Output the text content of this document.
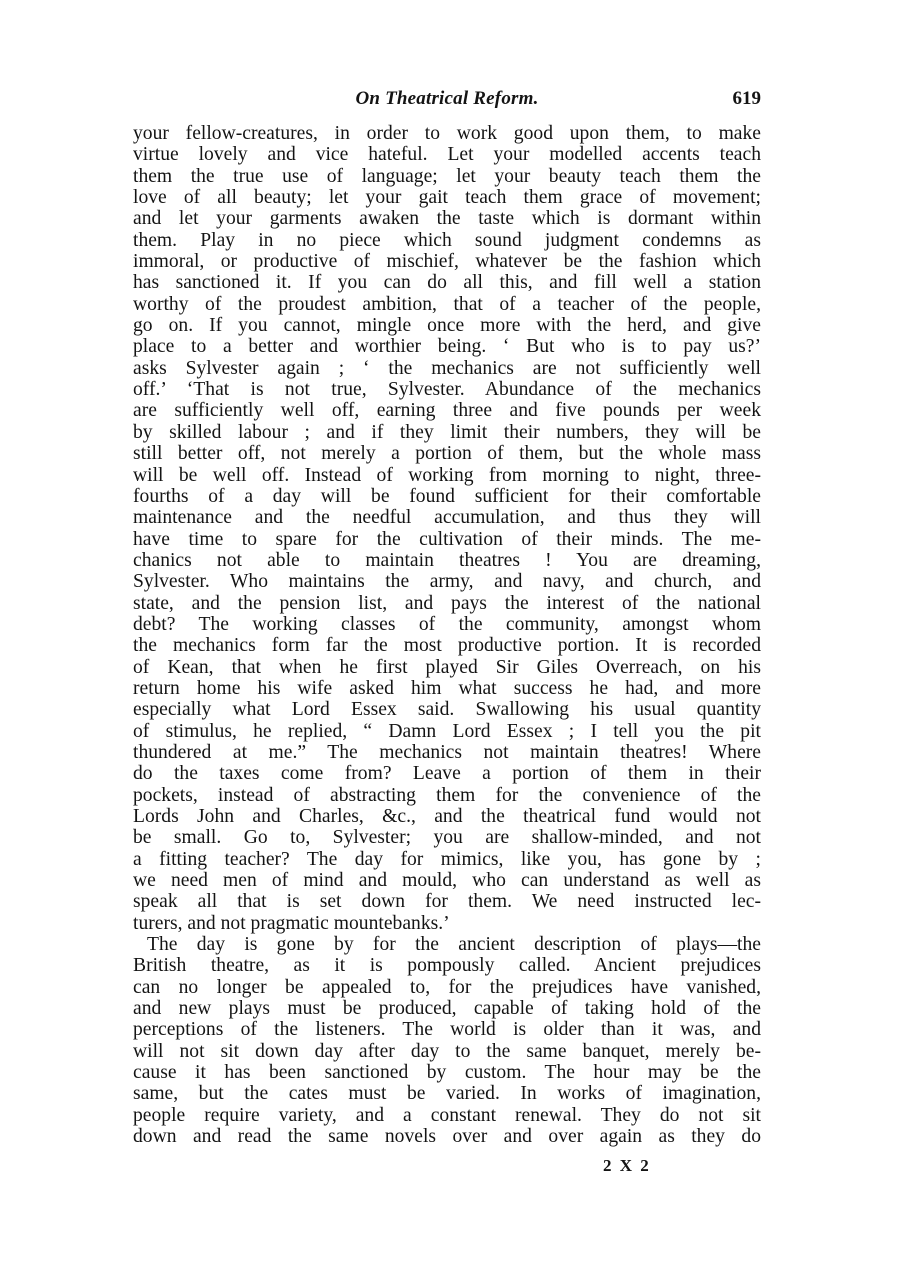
On Theatrical Reform.	619
your fellow-creatures, in order to work good upon them, to make
virtue lovely and vice hateful. Let your modelled accents teach
them the true use of language; let your beauty teach them the
love of all beauty; let your gait teach them grace of movement;
and let your garments awaken the taste which is dormant within
them. Play in no piece which sound judgment condemns as
immoral, or productive of mischief, whatever be the fashion which
has sanctioned it. If you can do all this, and fill well a station
worthy of the proudest ambition, that of a teacher of the people,
go on. If you cannot, mingle once more with the herd, and give
place to a better and worthier being. ‘ But who is to pay us?’
asks Sylvester again ; ‘ the mechanics are not sufficiently well
off.’ ‘That is not true, Sylvester. Abundance of the mechanics
are sufficiently well off, earning three and five pounds per week
by skilled labour ; and if they limit their numbers, they will be
still better off, not merely a portion of them, but the whole mass
will be well off. Instead of working from morning to night, three-
fourths of a day will be found sufficient for their comfortable
maintenance and the needful accumulation, and thus they will
have time to spare for the cultivation of their minds. The me-
chanics not able to maintain theatres ! You are dreaming,
Sylvester. Who maintains the army, and navy, and church, and
state, and the pension list, and pays the interest of the national
debt? The working classes of the community, amongst whom
the mechanics form far the most productive portion. It is recorded
of Kean, that when he first played Sir Giles Overreach, on his
return home his wife asked him what success he had, and more
especially what Lord Essex said. Swallowing his usual quantity
of stimulus, he replied, “ Damn Lord Essex ; I tell you the pit
thundered at me.” The mechanics not maintain theatres! Where
do the taxes come from? Leave a portion of them in their
pockets, instead of abstracting them for the convenience of the
Lords John and Charles, &c., and the theatrical fund would not
be small. Go to, Sylvester; you are shallow-minded, and not
a fitting teacher? The day for mimics, like you, has gone by ;
we need men of mind and mould, who can understand as well as
speak all that is set down for them. We need instructed lec-
turers, and not pragmatic mountebanks.’
The day is gone by for the ancient description of plays—the
British theatre, as it is pompously called. Ancient prejudices
can no longer be appealed to, for the prejudices have vanished,
and new plays must be produced, capable of taking hold of the
perceptions of the listeners. The world is older than it was, and
will not sit down day after day to the same banquet, merely be-
cause it has been sanctioned by custom. The hour may be the
same, but the cates must be varied. In works of imagination,
people require variety, and a constant renewal. They do not sit
down and read the same novels over and over again as they do
2 X 2
